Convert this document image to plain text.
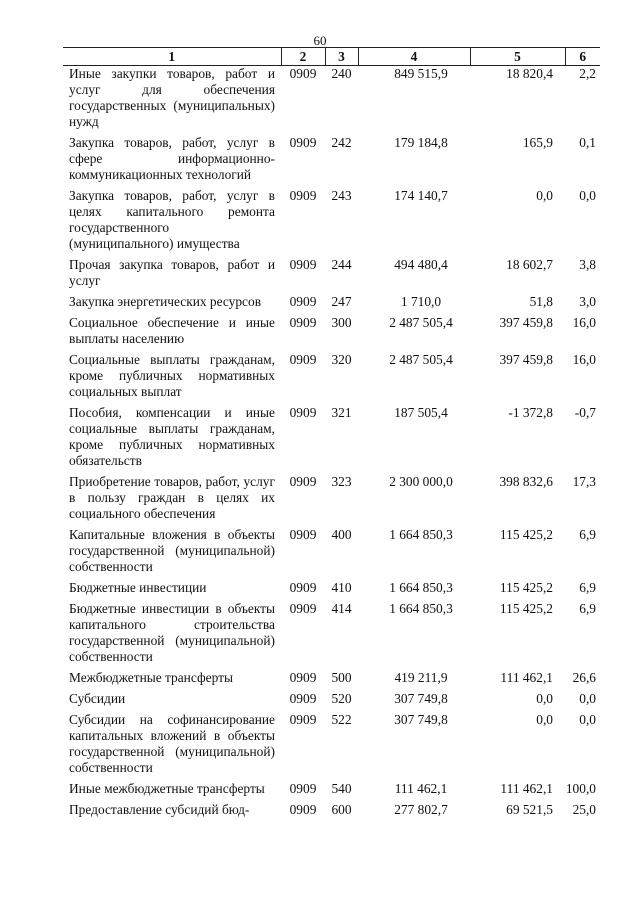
60
1	2	3	4	5	6
Иные закупки товаров, работ и услуг для обеспечения государственных (муниципальных) нужд	0909	240	849 515,9	18 820,4	2,2
Закупка товаров, работ, услуг в сфере информационно-коммуникационных технологий	0909	242	179 184,8	165,9	0,1
Закупка товаров, работ, услуг в целях капитального ремонта государственного (муниципального) имущества	0909	243	174 140,7	0,0	0,0
Прочая закупка товаров, работ и услуг	0909	244	494 480,4	18 602,7	3,8
Закупка энергетических ресурсов	0909	247	1 710,0	51,8	3,0
Социальное обеспечение и иные выплаты населению	0909	300	2 487 505,4	397 459,8	16,0
Социальные выплаты гражданам, кроме публичных нормативных социальных выплат	0909	320	2 487 505,4	397 459,8	16,0
Пособия, компенсации и иные социальные выплаты гражданам, кроме публичных нормативных обязательств	0909	321	187 505,4	-1 372,8	-0,7
Приобретение товаров, работ, услуг в пользу граждан в целях их социального обеспечения	0909	323	2 300 000,0	398 832,6	17,3
Капитальные вложения в объекты государственной (муниципальной) собственности	0909	400	1 664 850,3	115 425,2	6,9
Бюджетные инвестиции	0909	410	1 664 850,3	115 425,2	6,9
Бюджетные инвестиции в объекты капитального строительства государственной (муниципальной) собственности	0909	414	1 664 850,3	115 425,2	6,9
Межбюджетные трансферты	0909	500	419 211,9	111 462,1	26,6
Субсидии	0909	520	307 749,8	0,0	0,0
Субсидии на софинансирование капитальных вложений в объекты государственной (муниципальной) собственности	0909	522	307 749,8	0,0	0,0
Иные межбюджетные трансферты	0909	540	111 462,1	111 462,1	100,0
Предоставление субсидий бюд-	0909	600	277 802,7	69 521,5	25,0
